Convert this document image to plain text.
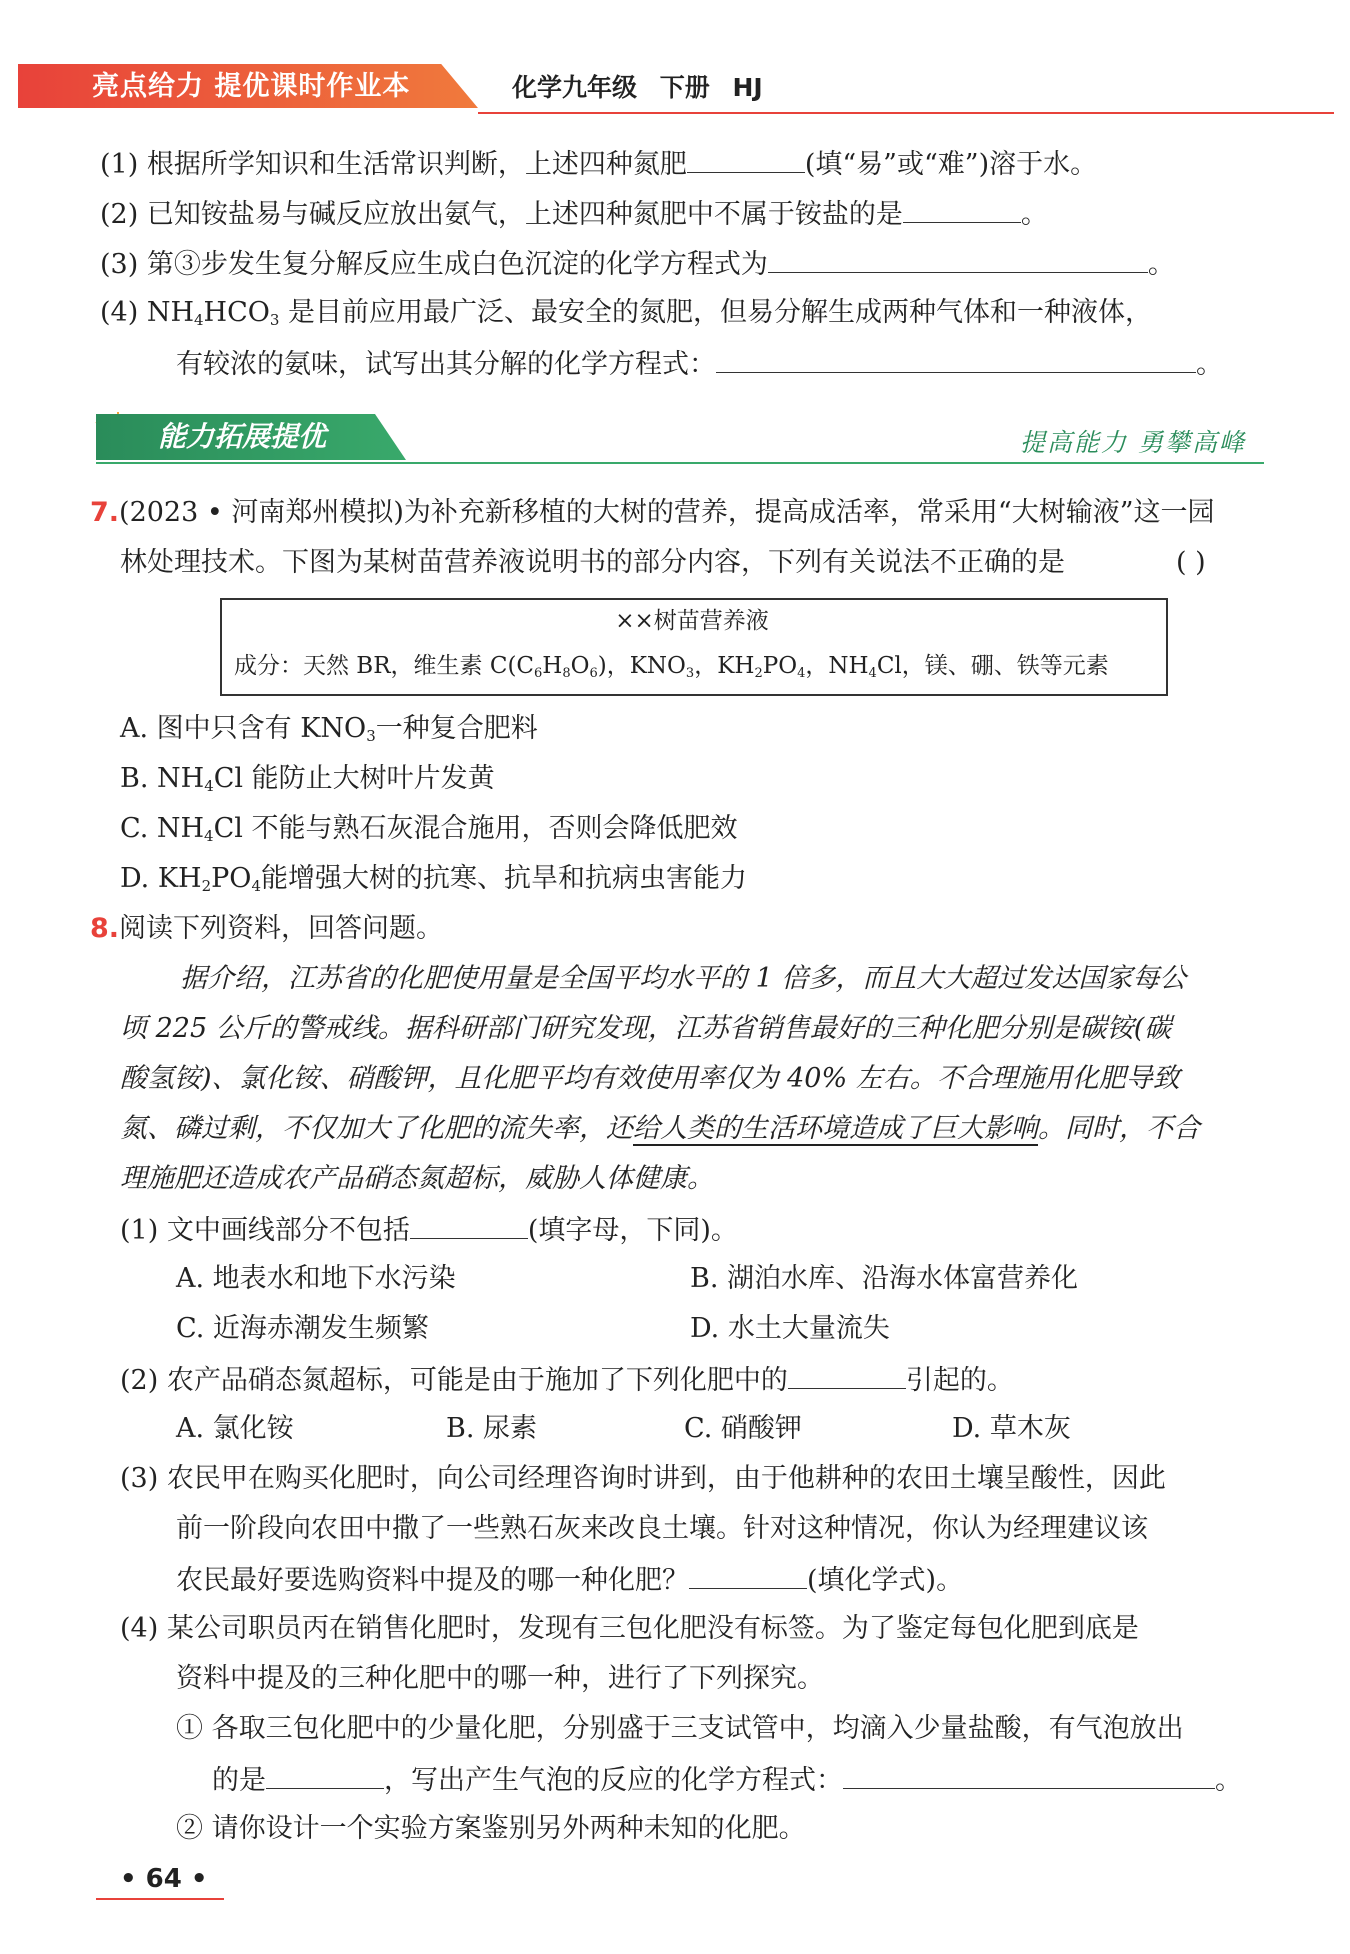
亮点给力 提优课时作业本	化学九年级 下册 HJ
(1) 根据所学知识和生活常识判断，上述四种氮肥	(填“易”或“难”)溶于水。
(2) 已知铵盐易与碱反应放出氨气，上述四种氮肥中不属于铵盐的是	。
(3) 第③步发生复分解反应生成白色沉淀的化学方程式为	。
(4) $NH_4HCO_3$ 是目前应用最广泛、最安全的氮肥，但易分解生成两种气体和一种液体，
有较浓的氨味，试写出其分解的化学方程式：	。
能力拓展提优	提高能力 勇攀高峰
7.(2023 • 河南郑州模拟)为补充新移植的大树的营养，提高成活率，常采用“大树输液”这一园
林处理技术。下图为某树苗营养液说明书的部分内容，下列有关说法不正确的是	( )
××树苗营养液
成分：天然 BR，维生素 $C(C_6H_8O_6)$，$KNO_3$，$KH_2PO_4$，$NH_4Cl$，镁、硼、铁等元素
A. 图中只含有 $KNO_3$一种复合肥料
B. $NH_4Cl$ 能防止大树叶片发黄
C. $NH_4Cl$ 不能与熟石灰混合施用，否则会降低肥效
D. $KH_2PO_4$能增强大树的抗寒、抗旱和抗病虫害能力
8.阅读下列资料，回答问题。
据介绍，江苏省的化肥使用量是全国平均水平的 1 倍多，而且大大超过发达国家每公
顷 225 公斤的警戒线。据科研部门研究发现，江苏省销售最好的三种化肥分别是碳铵(碳
酸氢铵)、氯化铵、硝酸钾，且化肥平均有效使用率仅为 40% 左右。不合理施用化肥导致
氮、磷过剩，不仅加大了化肥的流失率，还给人类的生活环境造成了巨大影响。同时，不合
理施肥还造成农产品硝态氮超标，威胁人体健康。
(1) 文中画线部分不包括	(填字母，下同)。
A. 地表水和地下水污染	B. 湖泊水库、沿海水体富营养化
C. 近海赤潮发生频繁	D. 水土大量流失
(2) 农产品硝态氮超标，可能是由于施加了下列化肥中的	引起的。
A. 氯化铵	B. 尿素	C. 硝酸钾	D. 草木灰
(3) 农民甲在购买化肥时，向公司经理咨询时讲到，由于他耕种的农田土壤呈酸性，因此
前一阶段向农田中撒了一些熟石灰来改良土壤。针对这种情况，你认为经理建议该
农民最好要选购资料中提及的哪一种化肥？	(填化学式)。
(4) 某公司职员丙在销售化肥时，发现有三包化肥没有标签。为了鉴定每包化肥到底是
资料中提及的三种化肥中的哪一种，进行了下列探究。
① 各取三包化肥中的少量化肥，分别盛于三支试管中，均滴入少量盐酸，有气泡放出
的是	，写出产生气泡的反应的化学方程式：	。
② 请你设计一个实验方案鉴别另外两种未知的化肥。
• 64 •
